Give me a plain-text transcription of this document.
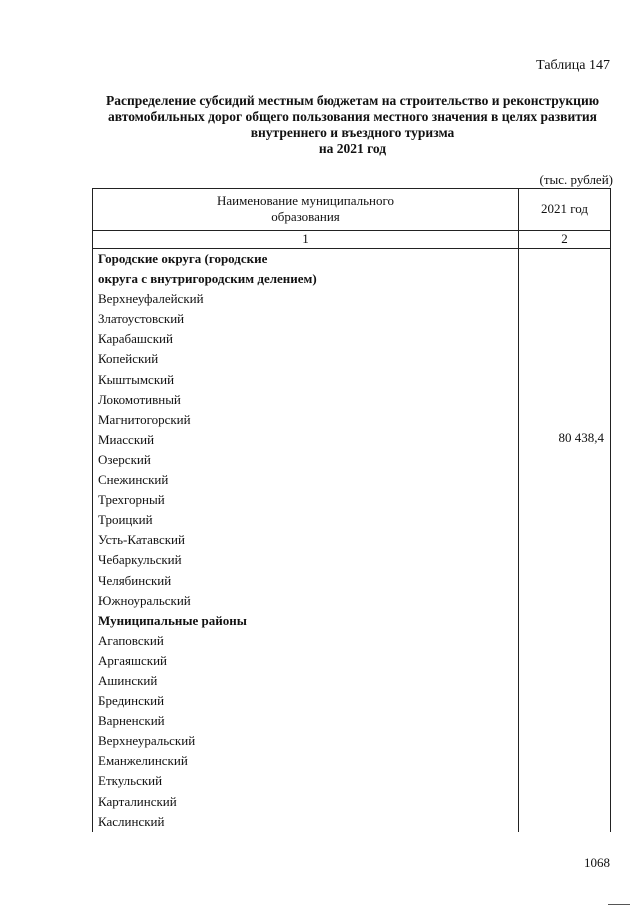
Таблица 147
Распределение субсидий местным бюджетам на строительство и реконструкцию
автомобильных дорог общего пользования местного значения в целях развития
внутреннего и въездного туризма
на 2021 год
(тыс. рублей)
Наименование муниципального
образования
2021 год
1	2
Городские округа (городские
округа с внутригородским делением)
Верхнеуфалейский
Златоустовский
Карабашский
Копейский
Кыштымский
Локомотивный
Магнитогорский
Миасский
Озерский
Снежинский
Трехгорный
Троицкий
Усть-Катавский
Чебаркульский
Челябинский
Южноуральский
Муниципальные районы
Агаповский
Аргаяшский
Ашинский
Брединский
Варненский
Верхнеуральский
Еманжелинский
Еткульский
Карталинский
Каслинский
80 438,4
1068
